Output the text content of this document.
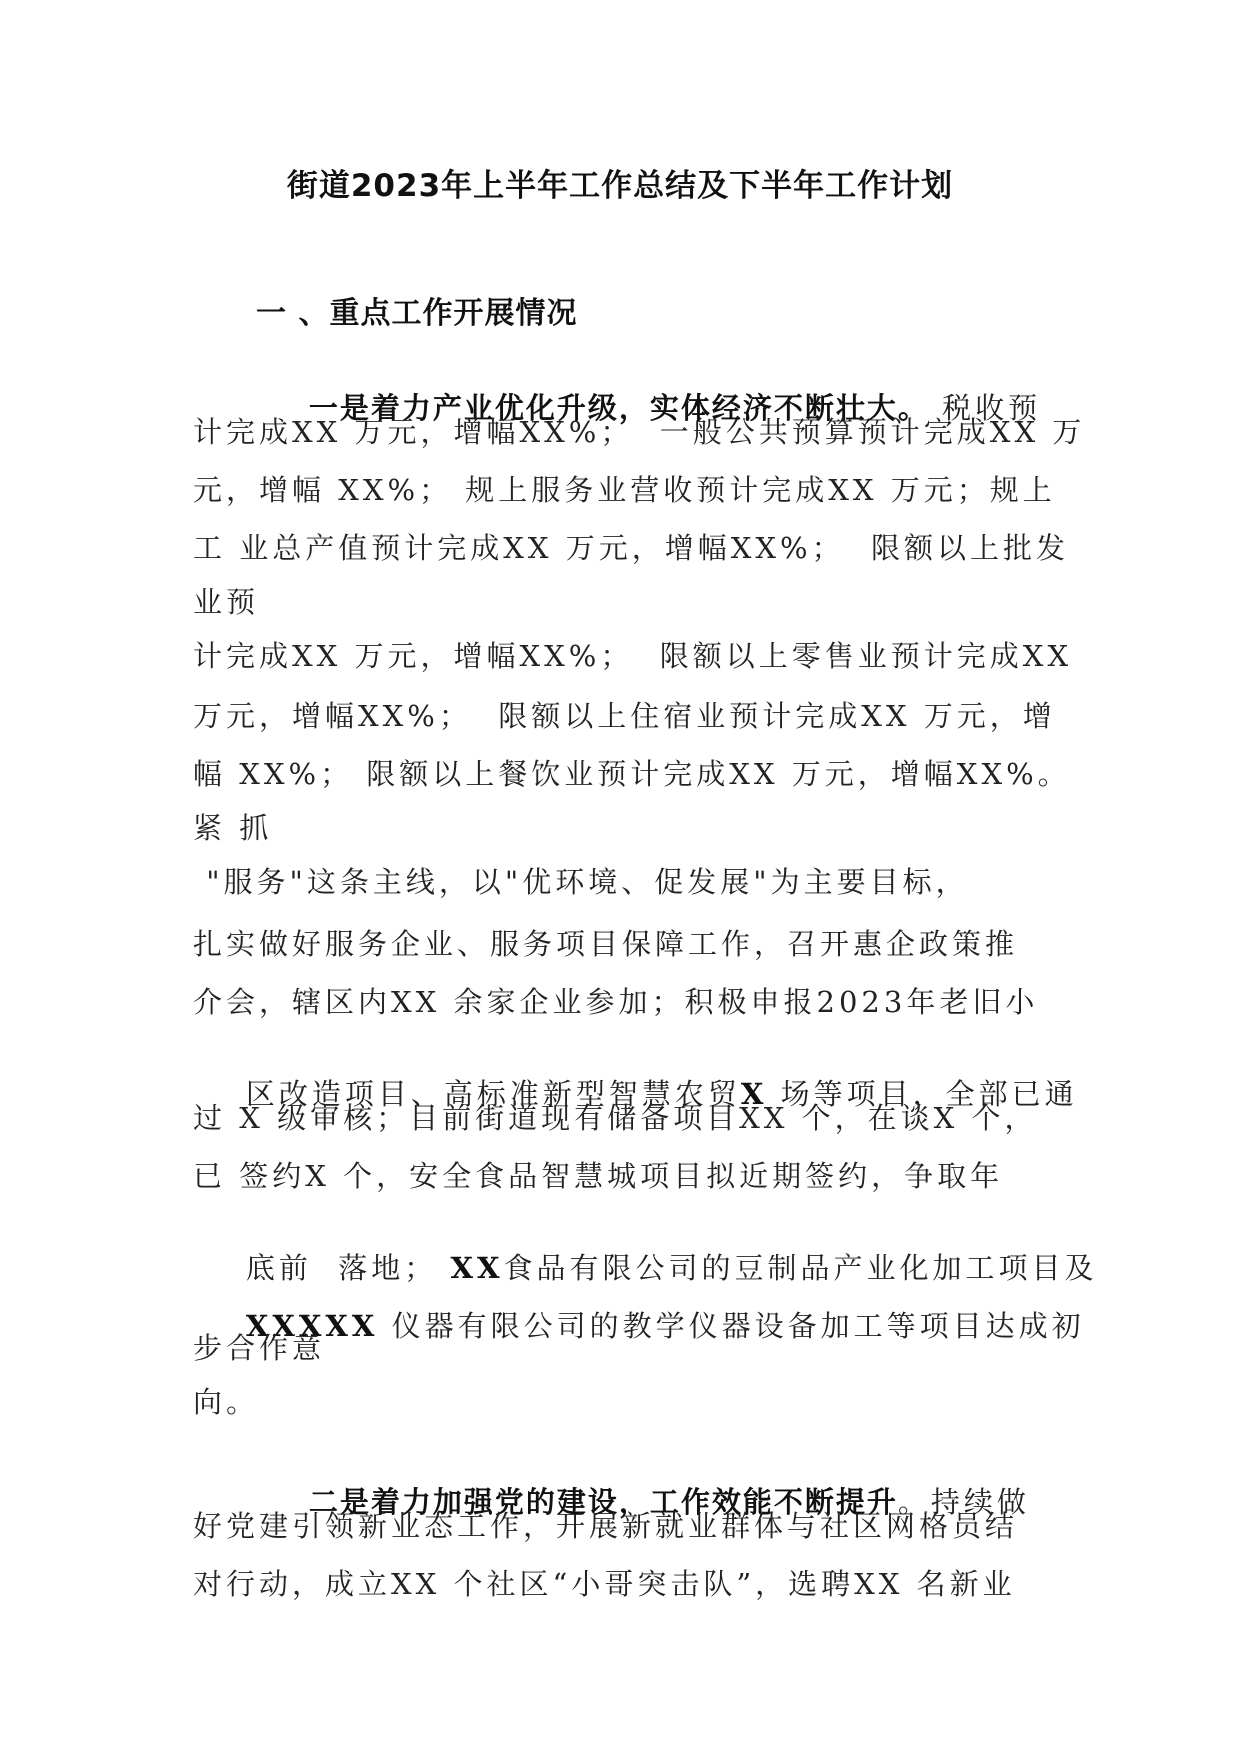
街道2023年上半年工作总结及下半年工作计划
一 、重点工作开展情况

一是着力产业优化升级，实体经济不断壮大。 税收预

计完成XX 万元，增幅XX%；  一般公共预算预计完成XX 万
元，增幅 XX%； 规上服务业营收预计完成XX 万元；规上
工 业总产值预计完成XX 万元，增幅XX%；  限额以上批发
业预
计完成XX 万元，增幅XX%；  限额以上零售业预计完成XX
万元，增幅XX%；  限额以上住宿业预计完成XX 万元，增
幅 XX%； 限额以上餐饮业预计完成XX 万元，增幅XX%。
紧 抓
"服务"这条主线，以"优环境、促发展"为主要目标，
扎实做好服务企业、服务项目保障工作，召开惠企政策推
介会，辖区内XX 余家企业参加；积极申报2023年老旧小

区改造项目、高标准新型智慧农贸X 场等项目，全部已通

过 X 级审核；目前街道现有储备项目XX 个，在谈X 个，
已 签约X 个，安全食品智慧城项目拟近期签约，争取年

底前  落地； XX食品有限公司的豆制品产业化加工项目及

XXXXX 仪器有限公司的教学仪器设备加工等项目达成初

步合作意
向。

二是着力加强党的建设，工作效能不断提升。持续做

好党建引领新业态工作，开展新就业群体与社区网格员结
对行动，成立XX 个社区“小哥突击队”，选聘XX 名新业
